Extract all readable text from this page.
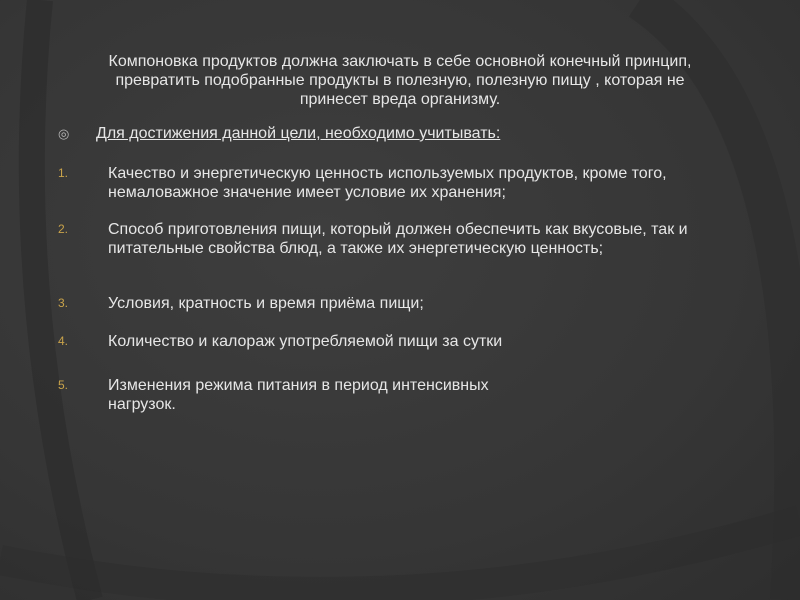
Компоновка продуктов должна заключать в себе основной конечный принцип, превратить подобранные продукты в полезную, полезную пищу , которая не принесет вреда организму.
◎	Для достижения данной цели, необходимо учитывать:
1.	Качество и энергетическую ценность используемых продуктов, кроме того, немаловажное значение имеет условие их хранения;
2.	Способ приготовления пищи, который должен обеспечить как вкусовые, так и питательные свойства блюд, а также их энергетическую ценность;
3.	Условия, кратность и время приёма пищи;
4.	Количество и калораж употребляемой пищи за сутки
5.	Изменения режима питания в период интенсивных нагрузок.
